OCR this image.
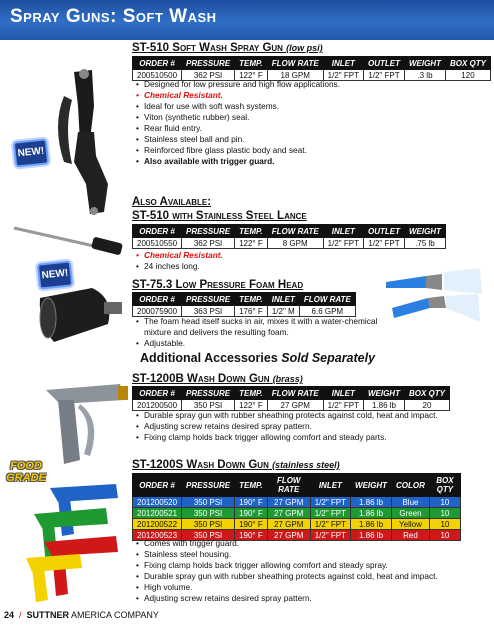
Spray Guns: Soft Wash
NEW!
ST-510 Soft Wash Spray Gun (low psi)
ORDER #	PRESSURE	TEMP.	FLOW RATE	INLET	OUTLET	WEIGHT	BOX QTY
200510500	362 PSI	122° F	18 GPM	1/2" FPT	1/2" FPT	.3 lb	120
• Designed for low pressure and high flow applications.
• Chemical Resistant.
• Ideal for use with soft wash systems.
• Viton (synthetic rubber) seal.
• Rear fluid entry.
• Stainless steel ball and pin.
• Reinforced fibre glass plastic body and seat.
• Also available with trigger guard.
Also Available:
ST-510 with Stainless Steel Lance
ORDER #	PRESSURE	TEMP.	FLOW RATE	INLET	OUTLET	WEIGHT
200510550	362 PSI	122° F	8 GPM	1/2" FPT	1/2" FPT	.75 lb
• Chemical Resistant.
• 24 inches long.
NEW!
ST-75.3 Low Pressure Foam Head
ORDER #	PRESSURE	TEMP.	INLET	FLOW RATE
200075900	363 PSI	176° F	1/2" M	6.6 GPM
• The foam head itself sucks in air, mixes it with a water-chemical mixture and delivers the resulting foam.
• Adjustable.
Additional Accessories Sold Separately
ST-1200B Wash Down Gun (brass)
ORDER #	PRESSURE	TEMP.	FLOW RATE	INLET	WEIGHT	BOX QTY
201200500	350 PSI	122° F	27 GPM	1/2" FPT	1.86 lb	20
• Durable spray gun with rubber sheathing protects against cold, heat and impact.
• Adjusting screw retains desired spray pattern.
• Fixing clamp holds back trigger allowing comfort and steady parts.
FOOD GRADE
ST-1200S Wash Down Gun (stainless steel)
ORDER #	PRESSURE	TEMP.	FLOW RATE	INLET	WEIGHT	COLOR	BOX QTY
201200520	350 PSI	190° F	27 GPM	1/2" FPT	1.86 lb	Blue	10
201200521	350 PSI	190° F	27 GPM	1/2" FPT	1.86 lb	Green	10
201200522	350 PSI	190° F	27 GPM	1/2" FPT	1.86 lb	Yellow	10
201200523	350 PSI	190° F	27 GPM	1/2" FPT	1.86 lb	Red	10
• Comes with trigger guard.
• Stainless steel housing.
• Fixing clamp holds back trigger allowing comfort and steady spray.
• Durable spray gun with rubber sheathing protects against cold, heat and impact.
• High volume.
• Adjusting screw retains desired spray pattern.
24 / SUTTNER AMERICA COMPANY
